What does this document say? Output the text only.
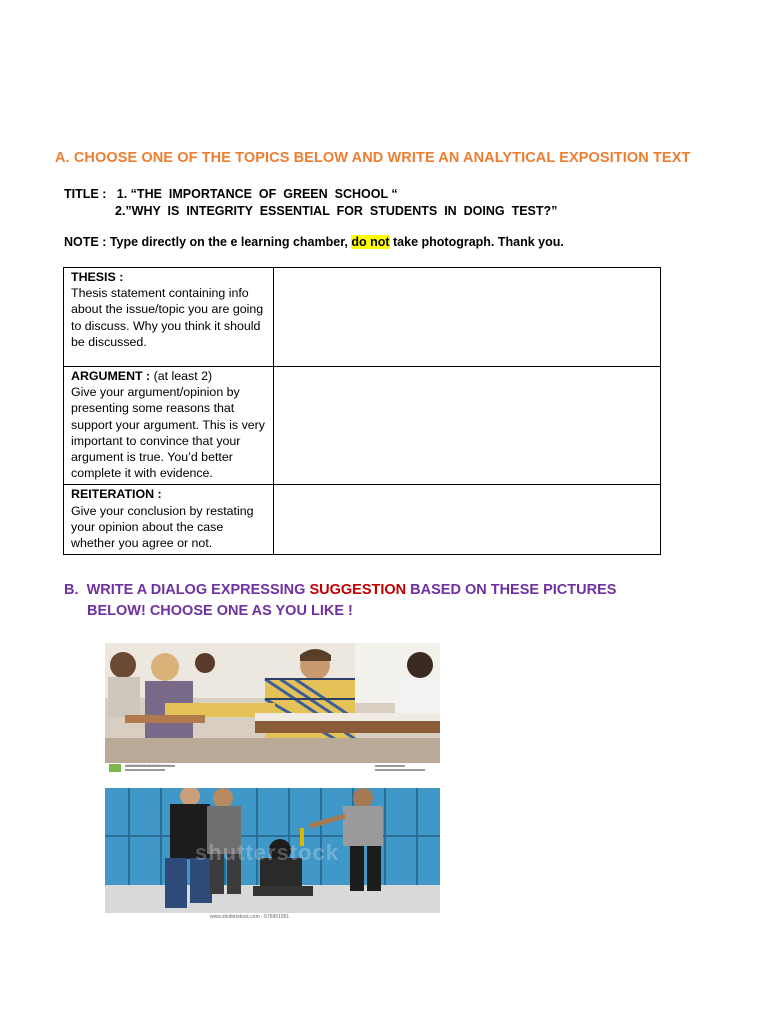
A. CHOOSE ONE OF THE TOPICS BELOW AND WRITE AN ANALYTICAL EXPOSITION TEXT
TITLE : 1. “THE  IMPORTANCE  OF  GREEN  SCHOOL “
2.”WHY  IS  INTEGRITY  ESSENTIAL  FOR  STUDENTS  IN  DOING  TEST?”
NOTE : Type directly on the e learning chamber, do not take photograph. Thank you.
THESIS :
Thesis statement containing info about the issue/topic you are going to discuss. Why you think it should be discussed.	

ARGUMENT : (at least 2)
Give your argument/opinion by presenting some reasons that support your argument. This is very important to convince that your argument is true. You’d better complete it with evidence.	

REITERATION :
Give your conclusion by restating your opinion about the case whether you agree or not.	

B. WRITE A DIALOG EXPRESSING SUGGESTION BASED ON THESE PICTURES
BELOW! CHOOSE ONE AS YOU LIKE !
Download from Dreamstime.com
shutterstock
www.shutterstock.com · 676951951
